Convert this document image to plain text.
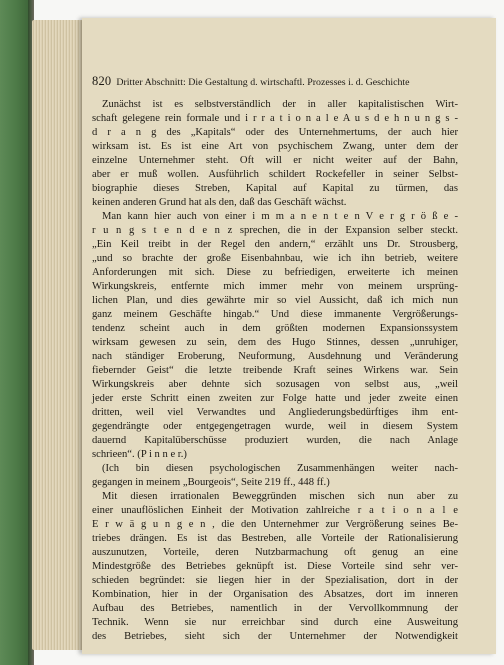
820 Dritter Abschnitt: Die Gestaltung d. wirtschaftl. Prozesses i. d. Geschichte
Zunächst ist es selbstverständlich der in aller kapitalistischen Wirt-
schaft gelegene rein formale und i r r a t i o n a l e A u s d e h n u n g s -
d r a n g des „Kapitals“ oder des Unternehmertums, der auch hier
wirksam ist. Es ist eine Art von psychischem Zwang, unter dem der
einzelne Unternehmer steht. Oft will er nicht weiter auf der Bahn,
aber er muß wollen. Ausführlich schildert Rockefeller in seiner Selbst-
biographie dieses Streben, Kapital auf Kapital zu türmen, das
keinen anderen Grund hat als den, daß das Geschäft wächst.
Man kann hier auch von einer i m m a n e n t e n V e r g r ö ß e -
r u n g s t e n d e n z sprechen, die in der Expansion selber steckt.
„Ein Keil treibt in der Regel den andern,“ erzählt uns Dr. Strousberg,
„und so brachte der große Eisenbahnbau, wie ich ihn betrieb, weitere
Anforderungen mit sich. Diese zu befriedigen, erweiterte ich meinen
Wirkungskreis, entfernte mich immer mehr von meinem ursprüng-
lichen Plan, und dies gewährte mir so viel Aussicht, daß ich mich nun
ganz meinem Geschäfte hingab.“ Und diese immanente Vergrößerungs-
tendenz scheint auch in dem größten modernen Expansionssystem
wirksam gewesen zu sein, dem des Hugo Stinnes, dessen „unruhiger,
nach ständiger Eroberung, Neuformung, Ausdehnung und Veränderung
fiebernder Geist“ die letzte treibende Kraft seines Wirkens war. Sein
Wirkungskreis aber dehnte sich sozusagen von selbst aus, „weil
jeder erste Schritt einen zweiten zur Folge hatte und jeder zweite einen
dritten, weil viel Verwandtes und Angliederungsbedürftiges ihm ent-
gegendrängte oder entgegengetragen wurde, weil in diesem System
dauernd Kapitalüberschüsse produziert wurden, die nach Anlage
schrieen“. (P i n n e r.)
(Ich bin diesen psychologischen Zusammenhängen weiter nach-
gegangen in meinem „Bourgeois“, Seite 219 ff., 448 ff.)
Mit diesen irrationalen Beweggründen mischen sich nun aber zu
einer unauflöslichen Einheit der Motivation zahlreiche r a t i o n a l e
E r w ä g u n g e n , die den Unternehmer zur Vergrößerung seines Be-
triebes drängen. Es ist das Bestreben, alle Vorteile der Rationalisierung
auszunutzen, Vorteile, deren Nutzbarmachung oft genug an eine
Mindestgröße des Betriebes geknüpft ist. Diese Vorteile sind sehr ver-
schieden begründet: sie liegen hier in der Spezialisation, dort in der
Kombination, hier in der Organisation des Absatzes, dort im inneren
Aufbau des Betriebes, namentlich in der Vervollkommnung der
Technik. Wenn sie nur erreichbar sind durch eine Ausweitung
des Betriebes, sieht sich der Unternehmer der Notwendigkeit
